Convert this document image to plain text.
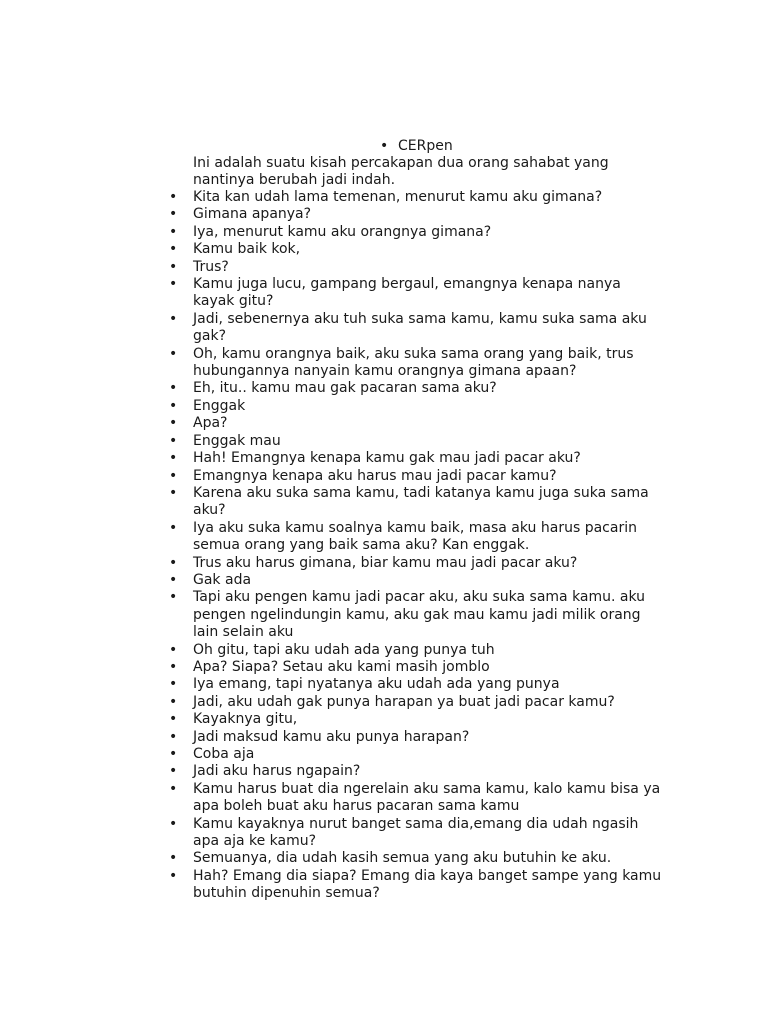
• CERpen
Ini adalah suatu kisah percakapan dua orang sahabat yang nantinya berubah jadi indah.
• Kita kan udah lama temenan, menurut kamu aku gimana?
• Gimana apanya?
• Iya, menurut kamu aku orangnya gimana?
• Kamu baik kok,
• Trus?
• Kamu juga lucu, gampang bergaul, emangnya kenapa nanya kayak gitu?
• Jadi, sebenernya aku tuh suka sama kamu, kamu suka sama aku gak?
• Oh, kamu orangnya baik, aku suka sama orang yang baik, trus hubungannya nanyain kamu orangnya gimana apaan?
• Eh, itu.. kamu mau gak pacaran sama aku?
• Enggak
• Apa?
• Enggak mau
• Hah! Emangnya kenapa kamu gak mau jadi pacar aku?
• Emangnya kenapa aku harus mau jadi pacar kamu?
• Karena aku suka sama kamu, tadi katanya kamu juga suka sama aku?
• Iya aku suka kamu soalnya kamu baik, masa aku harus pacarin semua orang yang baik sama aku? Kan enggak.
• Trus aku harus gimana, biar kamu mau jadi pacar aku?
• Gak ada
• Tapi aku pengen kamu jadi pacar aku, aku suka sama kamu. aku pengen ngelindungin kamu, aku gak mau kamu jadi milik orang lain selain aku
• Oh gitu, tapi aku udah ada yang punya tuh
• Apa? Siapa? Setau aku kami masih jomblo
• Iya emang, tapi nyatanya aku udah ada yang punya
• Jadi, aku udah gak punya harapan ya buat jadi pacar kamu?
• Kayaknya gitu,
• Jadi maksud kamu aku punya harapan?
• Coba aja
• Jadi aku harus ngapain?
• Kamu harus buat dia ngerelain aku sama kamu, kalo kamu bisa ya apa boleh buat aku harus pacaran sama kamu
• Kamu kayaknya nurut banget sama dia,emang dia udah ngasih apa aja ke kamu?
• Semuanya, dia udah kasih semua yang aku butuhin ke aku.
• Hah? Emang dia siapa? Emang dia kaya banget sampe yang kamu butuhin dipenuhin semua?
